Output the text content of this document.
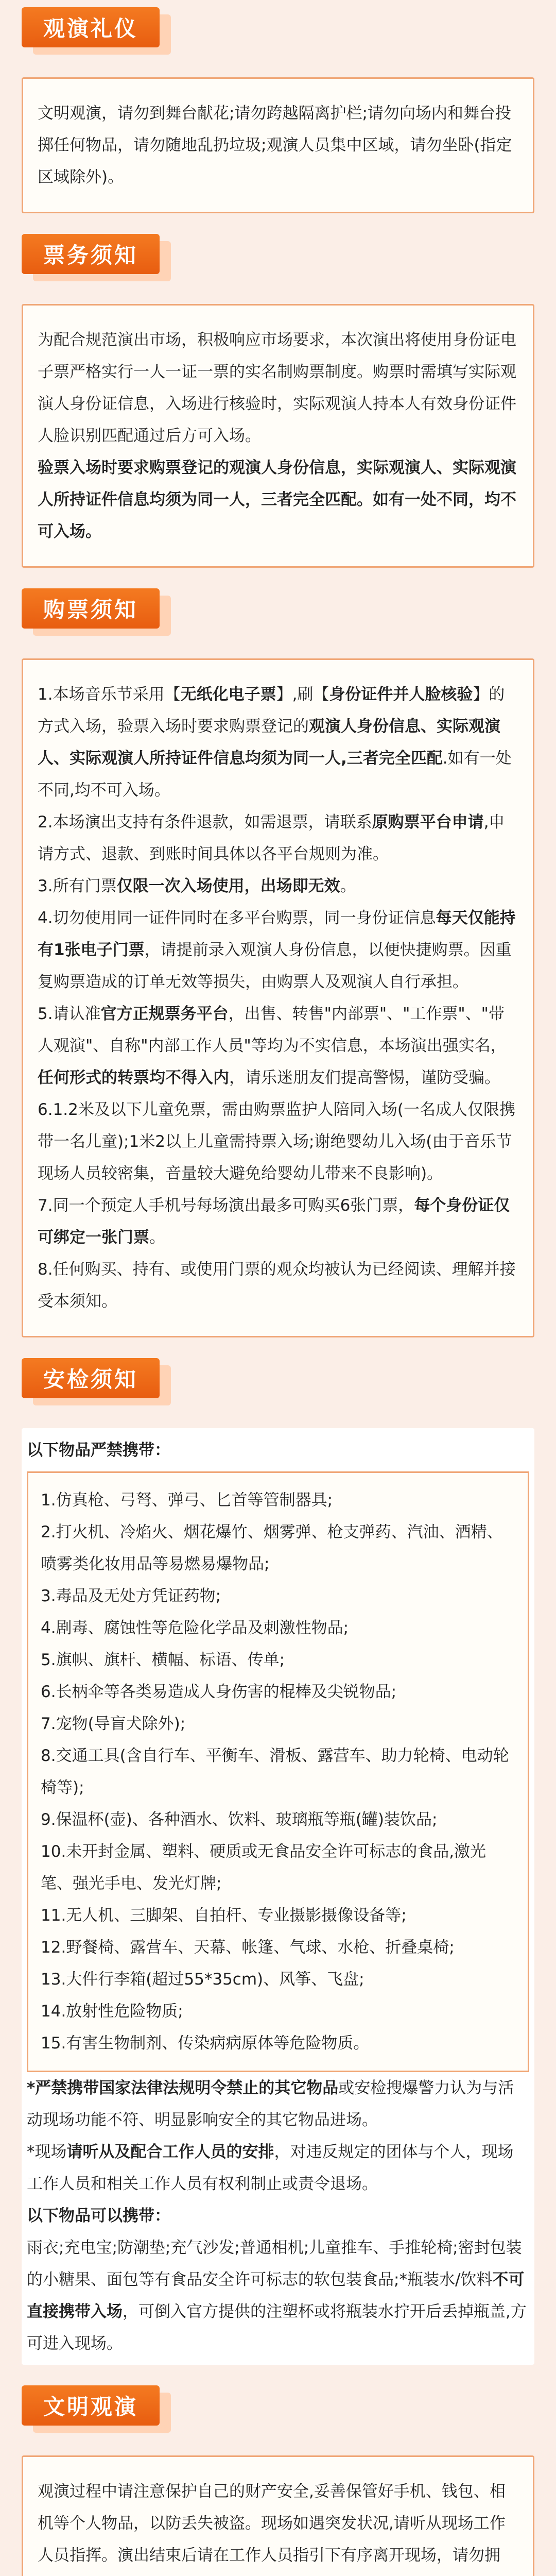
观演礼仪

文明观演，请勿到舞台献花;请勿跨越隔离护栏;请勿向场内和舞台投掷任何物品，请勿随地乱扔垃圾;观演人员集中区域，请勿坐卧(指定区域除外)。

票务须知

为配合规范演出市场，积极响应市场要求，本次演出将使用身份证电子票严格实行一人一证一票的实名制购票制度。购票时需填写实际观演人身份证信息，入场进行核验时，实际观演人持本人有效身份证件人脸识别匹配通过后方可入场。

验票入场时要求购票登记的观演人身份信息，实际观演人、实际观演人所持证件信息均须为同一人，三者完全匹配。如有一处不同，均不可入场。

购票须知

1.本场音乐节采用【无纸化电子票】,刷【身份证件并人脸核验】的方式入场，验票入场时要求购票登记的观演人身份信息、实际观演人、实际观演人所持证件信息均须为同一人,三者完全匹配.如有一处不同,均不可入场。

2.本场演出支持有条件退款，如需退票，请联系原购票平台申请,申请方式、退款、到账时间具体以各平台规则为准。

3.所有门票仅限一次入场使用，出场即无效。

4.切勿使用同一证件同时在多平台购票，同一身份证信息每天仅能持有1张电子门票，请提前录入观演人身份信息，以便快捷购票。因重复购票造成的订单无效等损失，由购票人及观演人自行承担。

5.请认准官方正规票务平台，出售、转售"内部票"、"工作票"、"带人观演"、自称"内部工作人员"等均为不实信息，本场演出强实名，任何形式的转票均不得入内，请乐迷朋友们提高警惕，谨防受骗。

6.1.2米及以下儿童免票，需由购票监护人陪同入场(一名成人仅限携带一名儿童);1米2以上儿童需持票入场;谢绝婴幼儿入场(由于音乐节现场人员较密集，音量较大避免给婴幼儿带来不良影响)。

7.同一个预定人手机号每场演出最多可购买6张门票，每个身份证仅可绑定一张门票。

8.任何购买、持有、或使用门票的观众均被认为已经阅读、理解并接受本须知。

安检须知

以下物品严禁携带：

1.仿真枪、弓弩、弹弓、匕首等管制器具;

2.打火机、冷焰火、烟花爆竹、烟雾弹、枪支弹药、汽油、酒精、喷雾类化妆用品等易燃易爆物品;

3.毒品及无处方凭证药物;

4.剧毒、腐蚀性等危险化学品及刺激性物品;

5.旗帜、旗杆、横幅、标语、传单;

6.长柄伞等各类易造成人身伤害的棍棒及尖锐物品;

7.宠物(导盲犬除外);

8.交通工具(含自行车、平衡车、滑板、露营车、助力轮椅、电动轮椅等);

9.保温杯(壶)、各种酒水、饮料、玻璃瓶等瓶(罐)装饮品;

10.未开封金属、塑料、硬质或无食品安全许可标志的食品,激光笔、强光手电、发光灯牌;

11.无人机、三脚架、自拍杆、专业摄影摄像设备等;

12.野餐椅、露营车、天幕、帐篷、气球、水枪、折叠桌椅;

13.大件行李箱(超过55*35cm)、风筝、飞盘;

14.放射性危险物质;

15.有害生物制剂、传染病病原体等危险物质。

*严禁携带国家法律法规明令禁止的其它物品或安检搜爆警力认为与活动现场功能不符、明显影响安全的其它物品进场。

*现场请听从及配合工作人员的安排，对违反规定的团体与个人，现场工作人员和相关工作人员有权利制止或责令退场。

以下物品可以携带：

雨衣;充电宝;防潮垫;充气沙发;普通相机;儿童推车、手推轮椅;密封包装的小糖果、面包等有食品安全许可标志的软包装食品;*瓶装水/饮料不可直接携带入场，可倒入官方提供的注塑杯或将瓶装水拧开后丢掉瓶盖,方可进入现场。

文明观演

观演过程中请注意保护自己的财产安全,妥善保管好手机、钱包、相机等个人物品，以防丢失被盗。现场如遇突发状况,请听从现场工作人员指挥。演出结束后请在工作人员指引下有序离开现场，请勿拥
